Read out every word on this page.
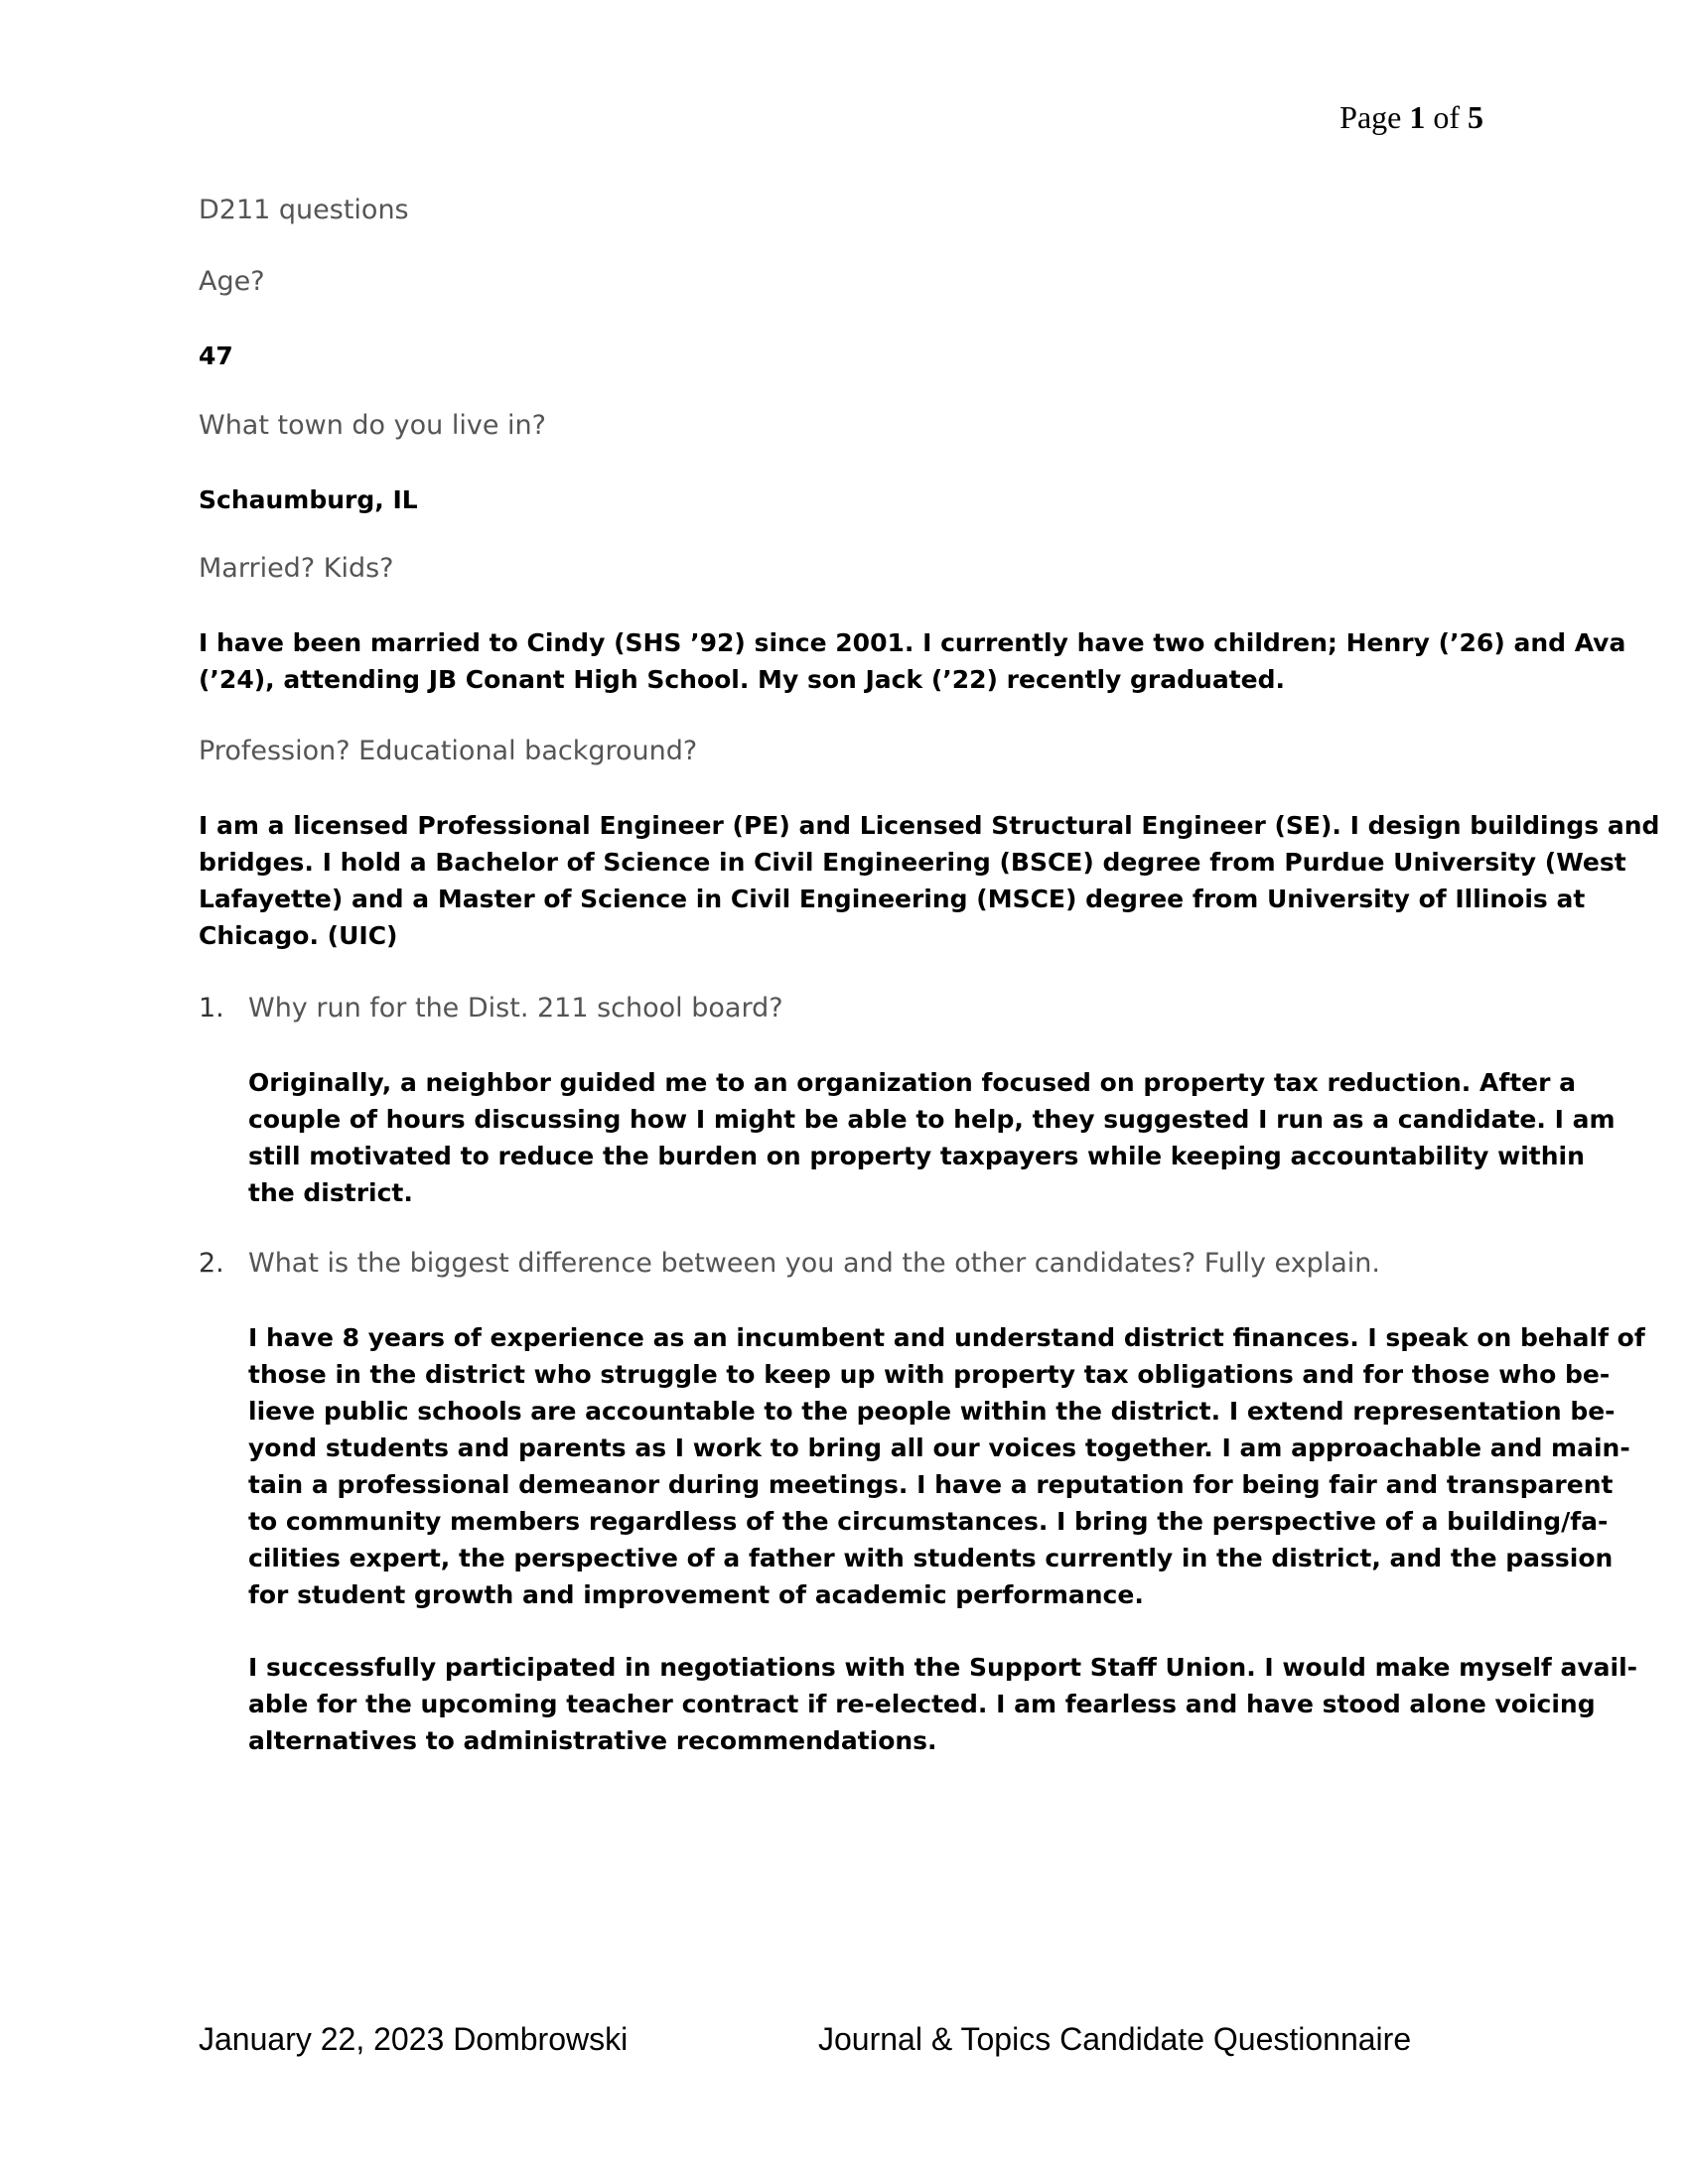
Page 1 of 5
D211 questions
Age?
47
What town do you live in?
Schaumburg, IL
Married? Kids?
I have been married to Cindy (SHS ’92) since 2001. I currently have two children; Henry (’26) and Ava
(’24), attending JB Conant High School. My son Jack (’22) recently graduated.
Profession? Educational background?
I am a licensed Professional Engineer (PE) and Licensed Structural Engineer (SE). I design buildings and
bridges. I hold a Bachelor of Science in Civil Engineering (BSCE) degree from Purdue University (West
Lafayette) and a Master of Science in Civil Engineering (MSCE) degree from University of Illinois at
Chicago. (UIC)
1. Why run for the Dist. 211 school board?
Originally, a neighbor guided me to an organization focused on property tax reduction. After a
couple of hours discussing how I might be able to help, they suggested I run as a candidate. I am
still motivated to reduce the burden on property taxpayers while keeping accountability within
the district.
2. What is the biggest difference between you and the other candidates? Fully explain.
I have 8 years of experience as an incumbent and understand district finances. I speak on behalf of
those in the district who struggle to keep up with property tax obligations and for those who be-
lieve public schools are accountable to the people within the district. I extend representation be-
yond students and parents as I work to bring all our voices together. I am approachable and main-
tain a professional demeanor during meetings. I have a reputation for being fair and transparent
to community members regardless of the circumstances. I bring the perspective of a building/fa-
cilities expert, the perspective of a father with students currently in the district, and the passion
for student growth and improvement of academic performance.
I successfully participated in negotiations with the Support Staff Union. I would make myself avail-
able for the upcoming teacher contract if re-elected. I am fearless and have stood alone voicing
alternatives to administrative recommendations.
January 22, 2023 Dombrowski	Journal & Topics Candidate Questionnaire
